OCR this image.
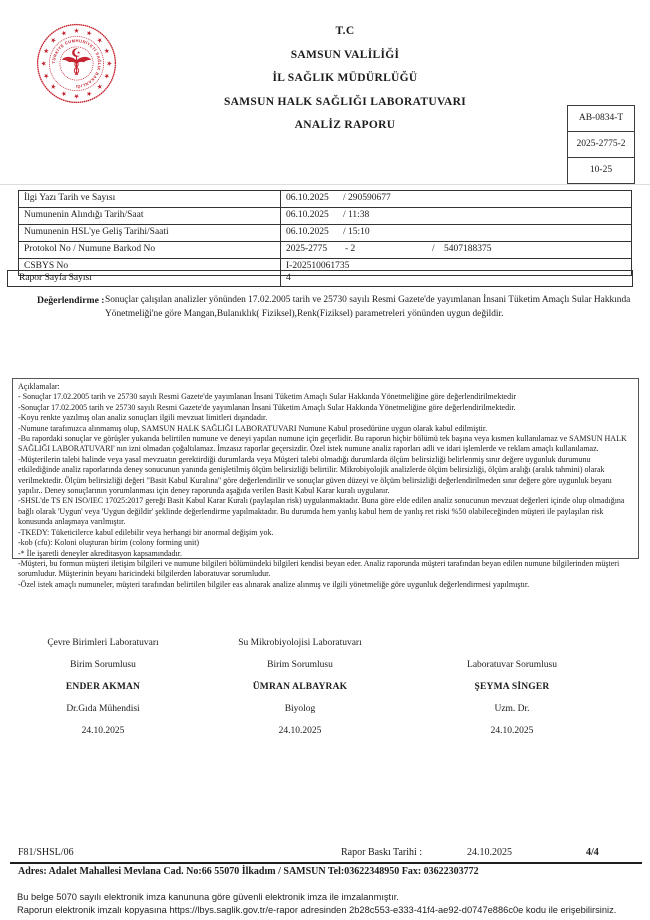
TÜRKİYE CUMHURİYETİ SAĞLIK BAKANLIĞI
T.C
SAMSUN VALİLİĞİ
İL SAĞLIK MÜDÜRLÜĞÜ
SAMSUN HALK SAĞLIĞI LABORATUVARI
ANALİZ RAPORU
AB-0834-T
2025-2775-2
10-25
İlgi Yazı Tarih ve Sayısı	06.10.2025 / 290590677
Numunenin Alındığı Tarih/Saat	06.10.2025 / 11:38
Numunenin HSL'ye Geliş Tarihi/Saati	06.10.2025 / 15:10
Protokol No / Numune Barkod No	2025-2775 - 2	/ 5407188375
CSBYS No	I-202510061735
Rapor Sayfa Sayısı	4
Değerlendirme : Sonuçlar çalışılan analizler yönünden 17.02.2005 tarih ve 25730 sayılı Resmi Gazete'de yayımlanan İnsani Tüketim Amaçlı Sular Hakkında Yönetmeliği'ne göre Mangan,Bulanıklık( Fiziksel),Renk(Fiziksel) parametreleri yönünden uygun değildir.

Açıklamalar:

- Sonuçlar 17.02.2005 tarih ve 25730 sayılı Resmi Gazete'de yayımlanan İnsani Tüketim Amaçlı Sular Hakkında Yönetmeliğine göre değerlendirilmektedir

-Sonuçlar 17.02.2005 tarih ve 25730 sayılı Resmi Gazete'de yayımlanan İnsani Tüketim Amaçlı Sular Hakkında Yönetmeliğine göre değerlendirilmektedir.

-Koyu renkte yazılmış olan analiz sonuçları ilgili mevzuat limitleri dışındadır.

-Numune tarafımızca alınmamış olup, SAMSUN HALK SAĞLIĞI LABORATUVARI Numune Kabul prosedürüne uygun olarak kabul edilmiştir.

-Bu rapordaki sonuçlar ve görüşler yukarıda belirtilen numune ve deneyi yapılan numune için geçerlidir. Bu raporun hiçbir bölümü tek başına veya kısmen kullanılamaz ve SAMSUN HALK SAĞLIĞI LABORATUVARI' nın izni olmadan çoğaltılamaz. İmzasız raporlar geçersizdir. Özel istek numune analiz raporları adli ve idari işlemlerde ve reklam amaçlı kullanılamaz.

-Müşterilerin talebi halinde veya yasal mevzuatın gerektirdiği durumlarda veya Müşteri talebi olmadığı durumlarda ölçüm belirsizliği belirlenmiş sınır değere uygunluk durumunu etkilediğinde analiz raporlarında deney sonucunun yanında genişletilmiş ölçüm belirsizliği belirtilir. Mikrobiyolojik analizlerde ölçüm belirsizliği, ölçüm aralığı (aralık tahmini) olarak verilmektedir. Ölçüm belirsizliği değeri "Basit Kabul Kuralına" göre değerlendirilir ve sonuçlar güven düzeyi ve ölçüm belirsizliği değerlendirilmeden sınır değere göre uygunluk beyanı yapılır.. Deney sonuçlarının yorumlanması için deney raporunda aşağıda verilen Basit Kabul Karar kuralı uygulanır.

-SHSL'de TS EN ISO/IEC 17025:2017 gereği Basit Kabul Karar Kuralı (paylaşılan risk) uygulanmaktadır. Buna göre elde edilen analiz sonucunun mevzuat değerleri içinde olup olmadığına bağlı olarak 'Uygun' veya 'Uygun değildir' şeklinde değerlendirme yapılmaktadır. Bu durumda hem yanlış kabul hem de yanlış ret riski %50 olabileceğinden müşteri ile paylaşılan risk konusunda anlaşmaya varılmıştır.

-TKEDY: Tüketicilerce kabul edilebilir veya herhangi bir anormal değişim yok.

-kob (cfu): Koloni oluşturan birim (colony forming unit)

-* İle işaretli deneyler akreditasyon kapsamındadır.

-Müşteri, bu formun müşteri iletişim bilgileri ve numune bilgileri bölümündeki bilgileri kendisi beyan eder. Analiz raporunda müşteri tarafından beyan edilen numune bilgilerinden müşteri sorumludur. Müşterinin beyanı haricindeki bilgilerden laboratuvar sorumludur.

-Özel istek amaçlı numuneler, müşteri tarafından belirtilen bilgiler eas alınarak analize alınmış ve ilgili yönetmeliğe göre uygunluk değerlendirmesi yapılmıştır.

Çevre Birimleri Laboratuvarı
Birim Sorumlusu
ENDER AKMAN
Dr.Gıda Mühendisi
24.10.2025
Su Mikrobiyolojisi Laboratuvarı
Birim Sorumlusu
ÜMRAN ALBAYRAK
Biyolog
24.10.2025
Laboratuvar Sorumlusu
ŞEYMA SİNGER
Uzm. Dr.
24.10.2025
F81/SHSL/06	Rapor Baskı Tarihi :	24.10.2025	4/4
Adres: Adalet Mahallesi Mevlana Cad. No:66 55070 İlkadım / SAMSUN Tel:03622348950 Fax: 03622303772
Bu belge 5070 sayılı elektronik imza kanununa göre güvenli elektronik imza ile imzalanmıştır.
Raporun elektronik imzalı kopyasına https://lbys.saglik.gov.tr/e-rapor adresinden 2b28c553-e333-41f4-ae92-d0747e886c0e kodu ile erişebilirsiniz.
